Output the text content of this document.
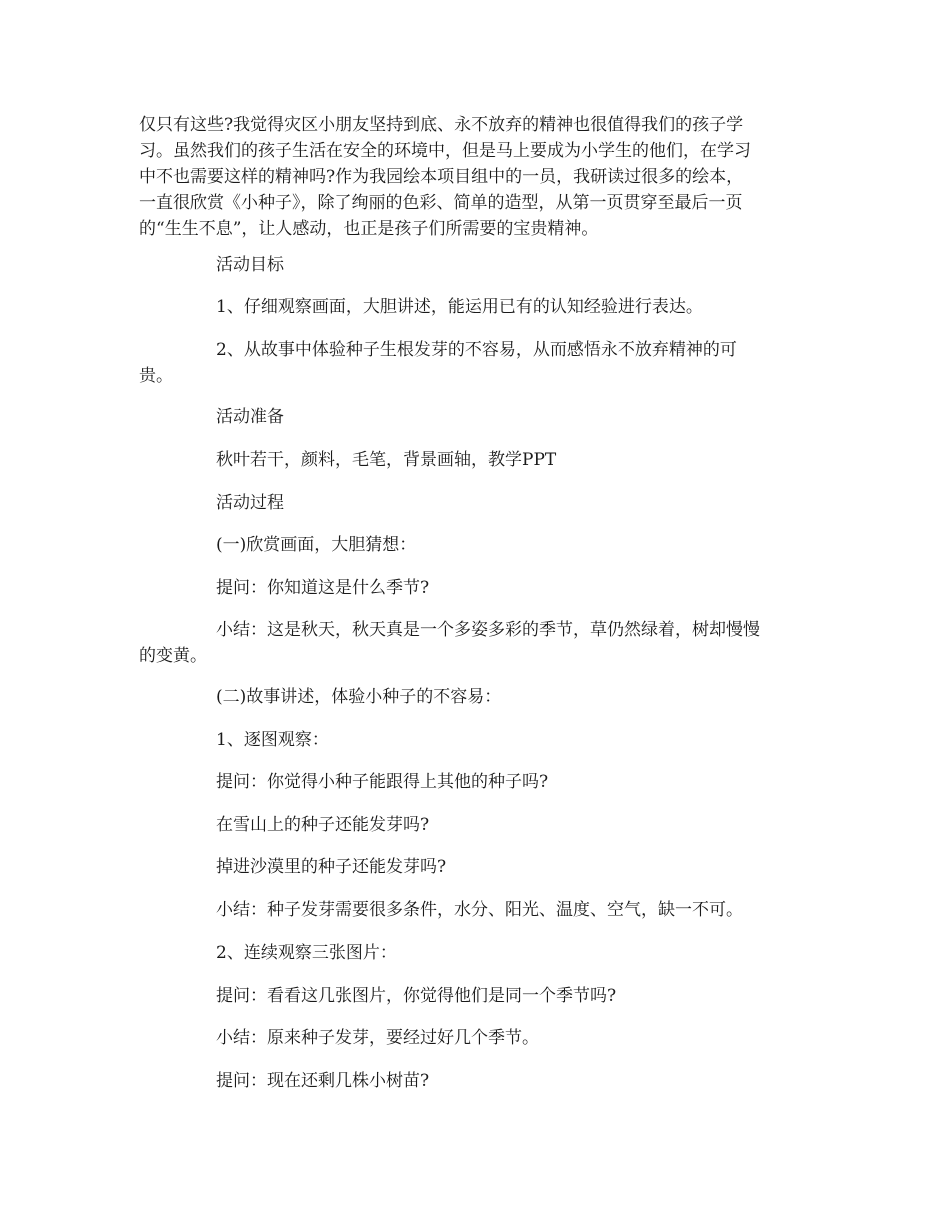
仅只有这些?我觉得灾区小朋友坚持到底、永不放弃的精神也很值得我们的孩子学
习。虽然我们的孩子生活在安全的环境中，但是马上要成为小学生的他们，在学习
中不也需要这样的精神吗?作为我园绘本项目组中的一员，我研读过很多的绘本，
一直很欣赏《小种子》，除了绚丽的色彩、简单的造型，从第一页贯穿至最后一页
的“生生不息”，让人感动，也正是孩子们所需要的宝贵精神。
活动目标
1、仔细观察画面，大胆讲述，能运用已有的认知经验进行表达。
2、从故事中体验种子生根发芽的不容易，从而感悟永不放弃精神的可
贵。
活动准备
秋叶若干，颜料，毛笔，背景画轴，教学PPT
活动过程
(一)欣赏画面，大胆猜想：
提问：你知道这是什么季节?
小结：这是秋天，秋天真是一个多姿多彩的季节，草仍然绿着，树却慢慢
的变黄。
(二)故事讲述，体验小种子的不容易：
1、逐图观察：
提问：你觉得小种子能跟得上其他的种子吗?
在雪山上的种子还能发芽吗?
掉进沙漠里的种子还能发芽吗?
小结：种子发芽需要很多条件，水分、阳光、温度、空气，缺一不可。
2、连续观察三张图片：
提问：看看这几张图片，你觉得他们是同一个季节吗?
小结：原来种子发芽，要经过好几个季节。
提问：现在还剩几株小树苗?
